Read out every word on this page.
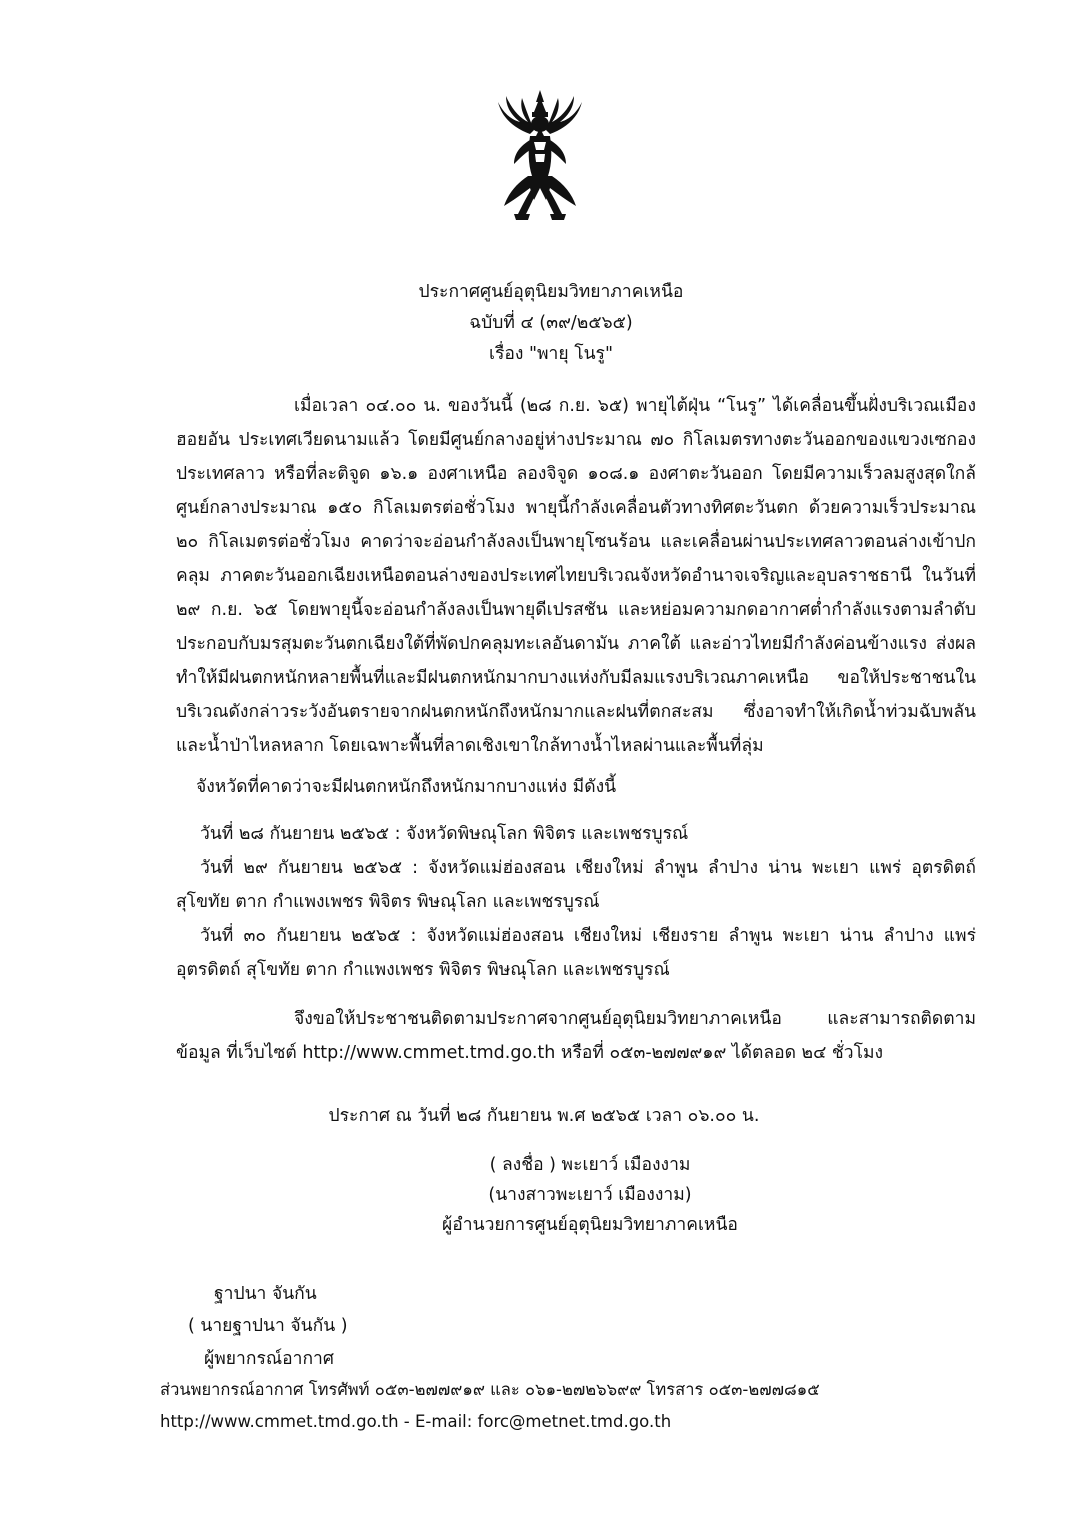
ประกาศศูนย์อุตุนิยมวิทยาภาคเหนือ
ฉบับที่ ๔ (๓๙/๒๕๖๕)
เรื่อง "พายุ โนรู"

เมื่อเวลา ๐๔.๐๐ น. ของวันนี้ (๒๘ ก.ย. ๖๕) พายุไต้ฝุ่น “โนรู” ได้เคลื่อนขึ้นฝั่งบริเวณเมือง ฮอยอัน ประเทศเวียดนามแล้ว โดยมีศูนย์กลางอยู่ห่างประมาณ ๗๐ กิโลเมตรทางตะวันออกของแขวงเซกอง ประเทศลาว หรือที่ละติจูด ๑๖.๑ องศาเหนือ ลองจิจูด ๑๐๘.๑ องศาตะวันออก โดยมีความเร็วลมสูงสุดใกล้ ศูนย์กลางประมาณ ๑๕๐ กิโลเมตรต่อชั่วโมง พายุนี้กำลังเคลื่อนตัวทางทิศตะวันตก ด้วยความเร็วประมาณ ๒๐ กิโลเมตรต่อชั่วโมง คาดว่าจะอ่อนกำลังลงเป็นพายุโซนร้อน และเคลื่อนผ่านประเทศลาวตอนล่างเข้าปกคลุม ภาคตะวันออกเฉียงเหนือตอนล่างของประเทศไทยบริเวณจังหวัดอำนาจเจริญและอุบลราชธานี ในวันที่ ๒๙ ก.ย. ๖๕ โดยพายุนี้จะอ่อนกำลังลงเป็นพายุดีเปรสชัน และหย่อมความกดอากาศต่ำกำลังแรงตามลำดับ ประกอบกับมรสุมตะวันตกเฉียงใต้ที่พัดปกคลุมทะเลอันดามัน ภาคใต้ และอ่าวไทยมีกำลังค่อนข้างแรง ส่งผล ทำให้มีฝนตกหนักหลายพื้นที่และมีฝนตกหนักมากบางแห่งกับมีลมแรงบริเวณภาคเหนือ ขอให้ประชาชนใน บริเวณดังกล่าวระวังอันตรายจากฝนตกหนักถึงหนักมากและฝนที่ตกสะสม ซึ่งอาจทำให้เกิดน้ำท่วมฉับพลัน และน้ำป่าไหลหลาก โดยเฉพาะพื้นที่ลาดเชิงเขาใกล้ทางน้ำไหลผ่านและพื้นที่ลุ่ม

จังหวัดที่คาดว่าจะมีฝนตกหนักถึงหนักมากบางแห่ง มีดังนี้

วันที่ ๒๘ กันยายน ๒๕๖๕ : จังหวัดพิษณุโลก พิจิตร และเพชรบูรณ์

วันที่ ๒๙ กันยายน ๒๕๖๕ : จังหวัดแม่ฮ่องสอน เชียงใหม่ ลำพูน ลำปาง น่าน พะเยา แพร่ อุตรดิตถ์ สุโขทัย ตาก กำแพงเพชร พิจิตร พิษณุโลก และเพชรบูรณ์

วันที่ ๓๐ กันยายน ๒๕๖๕ : จังหวัดแม่ฮ่องสอน เชียงใหม่ เชียงราย ลำพูน พะเยา น่าน ลำปาง แพร่ อุตรดิตถ์ สุโขทัย ตาก กำแพงเพชร พิจิตร พิษณุโลก และเพชรบูรณ์

จึงขอให้ประชาชนติดตามประกาศจากศูนย์อุตุนิยมวิทยาภาคเหนือ และสามารถติดตามข้อมูล ที่เว็บไซต์ http://www.cmmet.tmd.go.th หรือที่ ๐๕๓-๒๗๗๙๑๙ ได้ตลอด ๒๔ ชั่วโมง

ประกาศ ณ วันที่ ๒๘ กันยายน พ.ศ ๒๕๖๕ เวลา ๐๖.๐๐ น.
( ลงชื่อ ) พะเยาว์ เมืองงาม
(นางสาวพะเยาว์ เมืองงาม)
ผู้อำนวยการศูนย์อุตุนิยมวิทยาภาคเหนือ
ฐาปนา จันกัน
( นายฐาปนา จันกัน )
ผู้พยากรณ์อากาศ
ส่วนพยากรณ์อากาศ โทรศัพท์ ๐๕๓-๒๗๗๙๑๙ และ ๐๖๑-๒๗๒๖๖๙๙ โทรสาร ๐๕๓-๒๗๗๘๑๕
http://www.cmmet.tmd.go.th - E-mail: forc@metnet.tmd.go.th
